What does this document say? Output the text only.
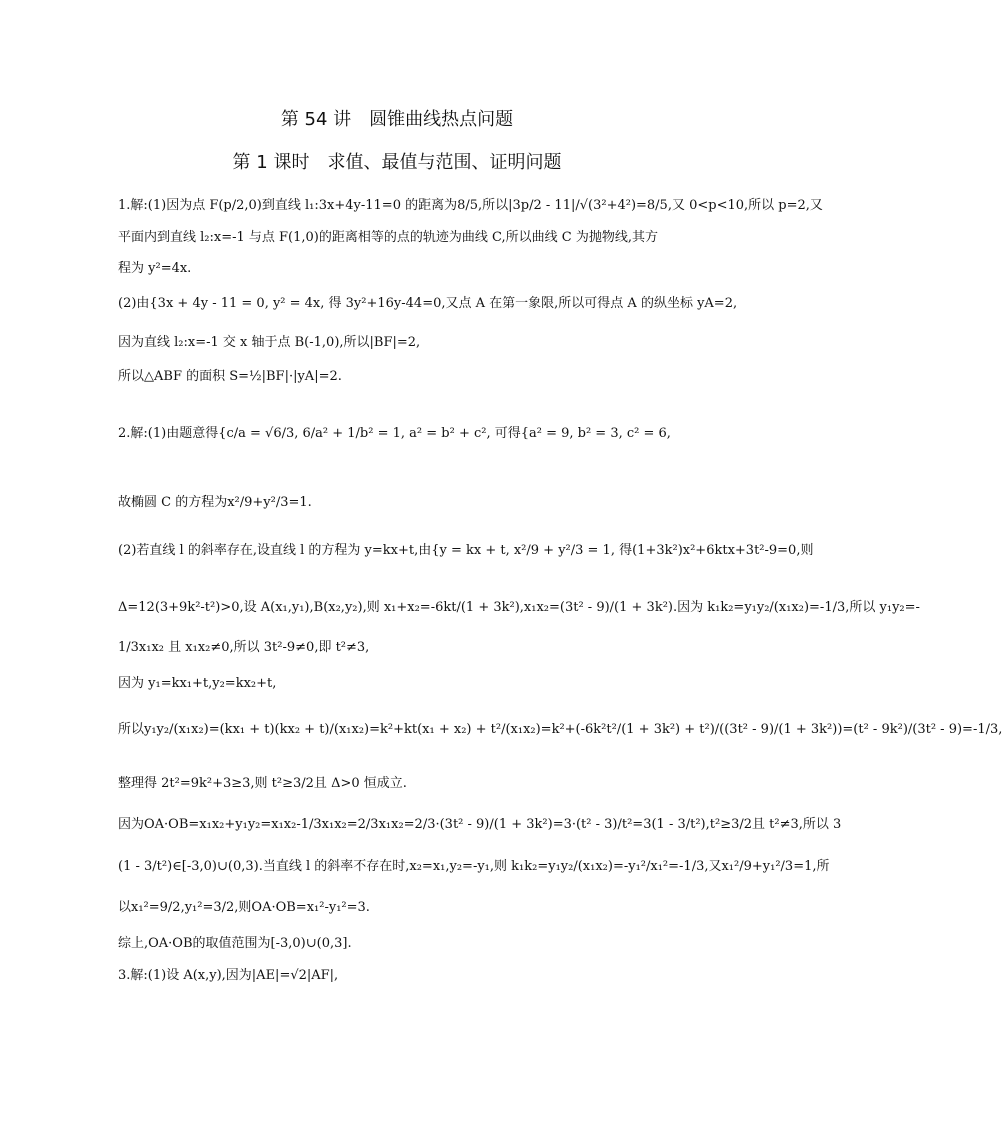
第 54 讲　圆锥曲线热点问题
第 1 课时　求值、最值与范围、证明问题
1.解:(1)因为点 F(p/2,0)到直线 l₁:3x+4y-11=0 的距离为8/5,所以|3p/2 - 11|/√(3²+4²)=8/5,又 0<p<10,所以 p=2,又
平面内到直线 l₂:x=-1 与点 F(1,0)的距离相等的点的轨迹为曲线 C,所以曲线 C 为抛物线,其方
程为 y²=4x.
(2)由{3x + 4y - 11 = 0, y² = 4x, 得 3y²+16y-44=0,又点 A 在第一象限,所以可得点 A 的纵坐标 yA=2,
因为直线 l₂:x=-1 交 x 轴于点 B(-1,0),所以|BF|=2,
所以△ABF 的面积 S=½|BF|·|yA|=2.
2.解:(1)由题意得{c/a = √6/3, 6/a² + 1/b² = 1, a² = b² + c², 可得{a² = 9, b² = 3, c² = 6,
故椭圆 C 的方程为x²/9+y²/3=1.
(2)若直线 l 的斜率存在,设直线 l 的方程为 y=kx+t,由{y = kx + t, x²/9 + y²/3 = 1, 得(1+3k²)x²+6ktx+3t²-9=0,则
Δ=12(3+9k²-t²)>0,设 A(x₁,y₁),B(x₂,y₂),则 x₁+x₂=-6kt/(1 + 3k²),x₁x₂=(3t² - 9)/(1 + 3k²).因为 k₁k₂=y₁y₂/(x₁x₂)=-1/3,所以 y₁y₂=-
1/3x₁x₂ 且 x₁x₂≠0,所以 3t²-9≠0,即 t²≠3,
因为 y₁=kx₁+t,y₂=kx₂+t,
所以y₁y₂/(x₁x₂)=(kx₁ + t)(kx₂ + t)/(x₁x₂)=k²+kt(x₁ + x₂) + t²/(x₁x₂)=k²+(-6k²t²/(1 + 3k²) + t²)/((3t² - 9)/(1 + 3k²))=(t² - 9k²)/(3t² - 9)=-1/3,
整理得 2t²=9k²+3≥3,则 t²≥3/2且 Δ>0 恒成立.
因为OA·OB=x₁x₂+y₁y₂=x₁x₂-1/3x₁x₂=2/3x₁x₂=2/3·(3t² - 9)/(1 + 3k²)=3·(t² - 3)/t²=3(1 - 3/t²),t²≥3/2且 t²≠3,所以 3
(1 - 3/t²)∈[-3,0)∪(0,3).当直线 l 的斜率不存在时,x₂=x₁,y₂=-y₁,则 k₁k₂=y₁y₂/(x₁x₂)=-y₁²/x₁²=-1/3,又x₁²/9+y₁²/3=1,所
以x₁²=9/2,y₁²=3/2,则OA·OB=x₁²-y₁²=3.
综上,OA·OB的取值范围为[-3,0)∪(0,3].
3.解:(1)设 A(x,y),因为|AE|=√2|AF|,
